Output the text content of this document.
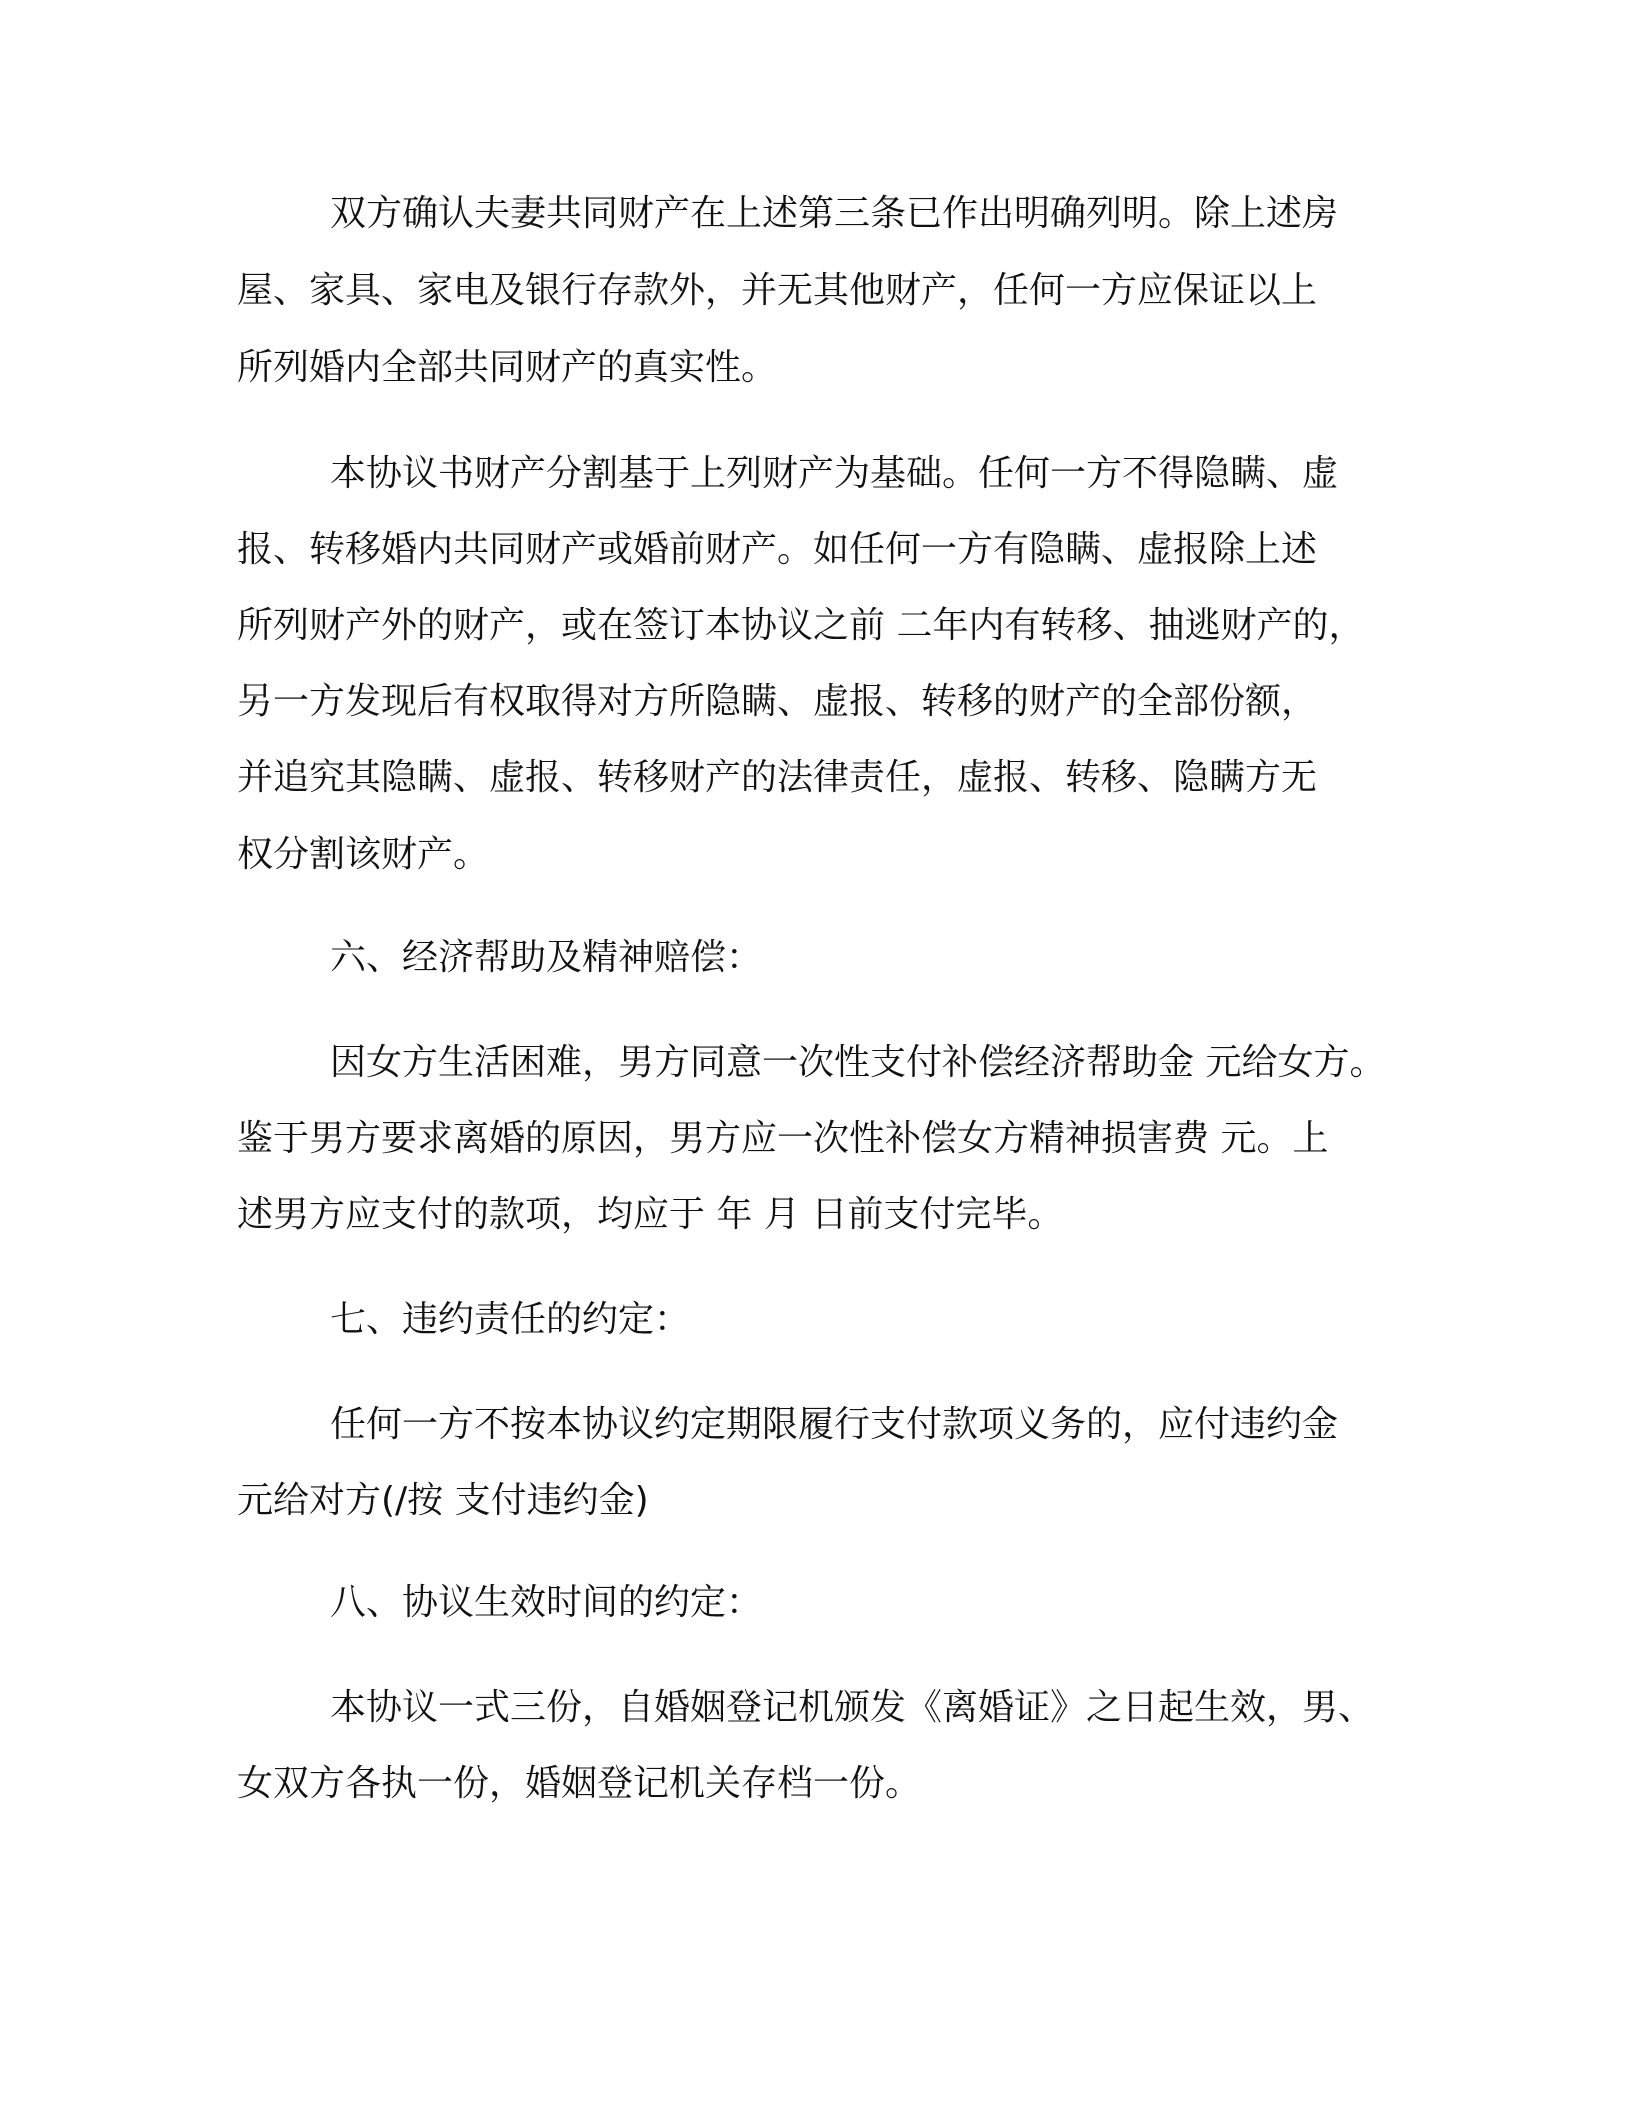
双方确认夫妻共同财产在上述第三条已作出明确列明。除上述房
屋、家具、家电及银行存款外，并无其他财产，任何一方应保证以上
所列婚内全部共同财产的真实性。
本协议书财产分割基于上列财产为基础。任何一方不得隐瞒、虚
报、转移婚内共同财产或婚前财产。如任何一方有隐瞒、虚报除上述
所列财产外的财产，或在签订本协议之前 二年内有转移、抽逃财产的，
另一方发现后有权取得对方所隐瞒、虚报、转移的财产的全部份额，
并追究其隐瞒、虚报、转移财产的法律责任，虚报、转移、隐瞒方无
权分割该财产。
六、经济帮助及精神赔偿：
因女方生活困难，男方同意一次性支付补偿经济帮助金 元给女方。
鉴于男方要求离婚的原因，男方应一次性补偿女方精神损害费 元。上
述男方应支付的款项，均应于 年 月 日前支付完毕。
七、违约责任的约定：
任何一方不按本协议约定期限履行支付款项义务的，应付违约金
元给对方(/按 支付违约金)
八、协议生效时间的约定：
本协议一式三份，自婚姻登记机颁发《离婚证》之日起生效，男、
女双方各执一份，婚姻登记机关存档一份。
